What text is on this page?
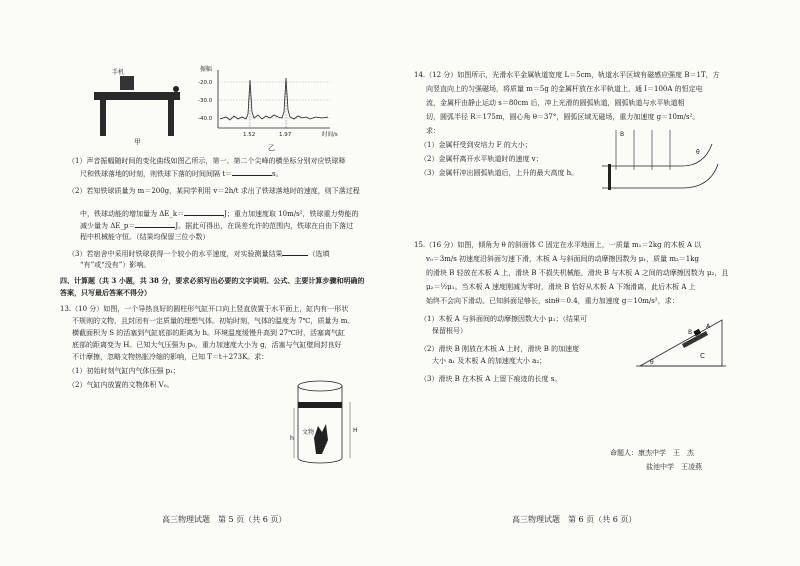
手机
甲
振幅
-20.0
-30.0
-40.0
1.52	1.97	时间/s
乙
（1）声音振幅随时间的变化曲线如图乙所示，第一、第二个尖峰的横坐标分别对应铁球释
尺和铁球落地的时刻，则铁球下落的时间间隔 t＝	s。
（2）若知铁球质量为 m＝200g，某同学利用 v＝2h/t 求出了铁球落地时的速度，则下落过程
中，铁球动能的增加量为 ΔE_k＝	J；重力加速度取 10m/s²，铁球重力势能的
减少量为 ΔE_p＝	J。据此可得出，在误差允许的范围内，铁球在自由下落过
程中机械能守恒。（结果均保留三位小数）
（3）若宿舍中采用时铁球获得一个较小的水平速度，对实验测量结果	（选填
“有”或“没有”）影响。
四、计算题（共 3 小题，共 38 分，要求必须写出必要的文字说明、公式、主要计算步骤和明确的
答案，只写最后答案不得分）
13.（10 分）如图，一个导热良好的圆柱形气缸开口向上竖直放置于水平面上，缸内有一形状
不规则的文物，且封闭有一定质量的理想气体。初始时刻，气体的温度为 7℃，质量为 m、
横截面积为 S 的活塞到气缸底部的距离为 h。环境温度缓慢升高到 27℃时，活塞离气缸
底部的距离变为 H。已知大气压强为 p₀，重力加速度大小为 g，活塞与气缸壁间封良好
不计摩擦，忽略文物热胀冷缩的影响，已知 T＝t＋273K。求：
（1）初始时刻气缸内气体压强 p₁；
（2）气缸内放置的文物体积 V₀。
文物
h
H
高三物理试题　第 5 页（共 6 页）
14.（12 分）如图所示，光滑水平金属轨道宽度 L＝5cm，轨道水平区域有磁感应强度 B＝1T，方
向竖直向上的匀强磁场，将质量 m＝5g 的金属杆放在水平轨道上，通 I＝100A 的恒定电
流，金属杆由静止运动 s＝80cm 后，冲上光滑的圆弧轨道，圆弧轨道与水平轨道相
切，圆弧半径 R＝175m，圆心角 θ＝37°，圆弧区域无磁场，重力加速度 g＝10m/s²。
求：
（1）金属杆受到安培力 F 的大小；
（2）金属杆离开水平轨道时的速度 v；
（3）金属杆冲出圆弧轨道后，上升的最大高度 h。
B
θ
15.（16 分）如图，倾角为 θ 的斜面体 C 固定在水平地面上，一质量 m₁＝2kg 的木板 A 以
v₀＝3m/s 初速度沿斜面匀速下滑，木板 A 与斜面间的动摩擦因数为 μ₁，质量 m₂＝1kg
的滑块 B 轻放在木板 A 上，滑块 B 不损失机械能，滑块 B 与木板 A 之间的动摩擦因数为 μ₂，且
μ₂＝½μ₁。当木板 A 速度刚减为零时，滑块 B 恰好从木板 A 下端滑离，此后木板 A 上
始终不会向下滑动。已知斜面足够长，sinθ＝0.4，重力加速度 g＝10m/s²，求：
（1）木板 A 与斜面间的动摩擦因数大小 μ₁；（结果可
保留根号）
（2）滑块 B 刚放在木板 A 上时，滑块 B 的加速度
大小 a₁ 及木板 A 的加速度大小 a₂；
（3）滑块 B 在木板 A 上留下痕迹的长度 s。
A
B
C
θ
命题人：康杰中学　王　杰
盐池中学　王凌燕
高三物理试题　第 6 页（共 6 页）
